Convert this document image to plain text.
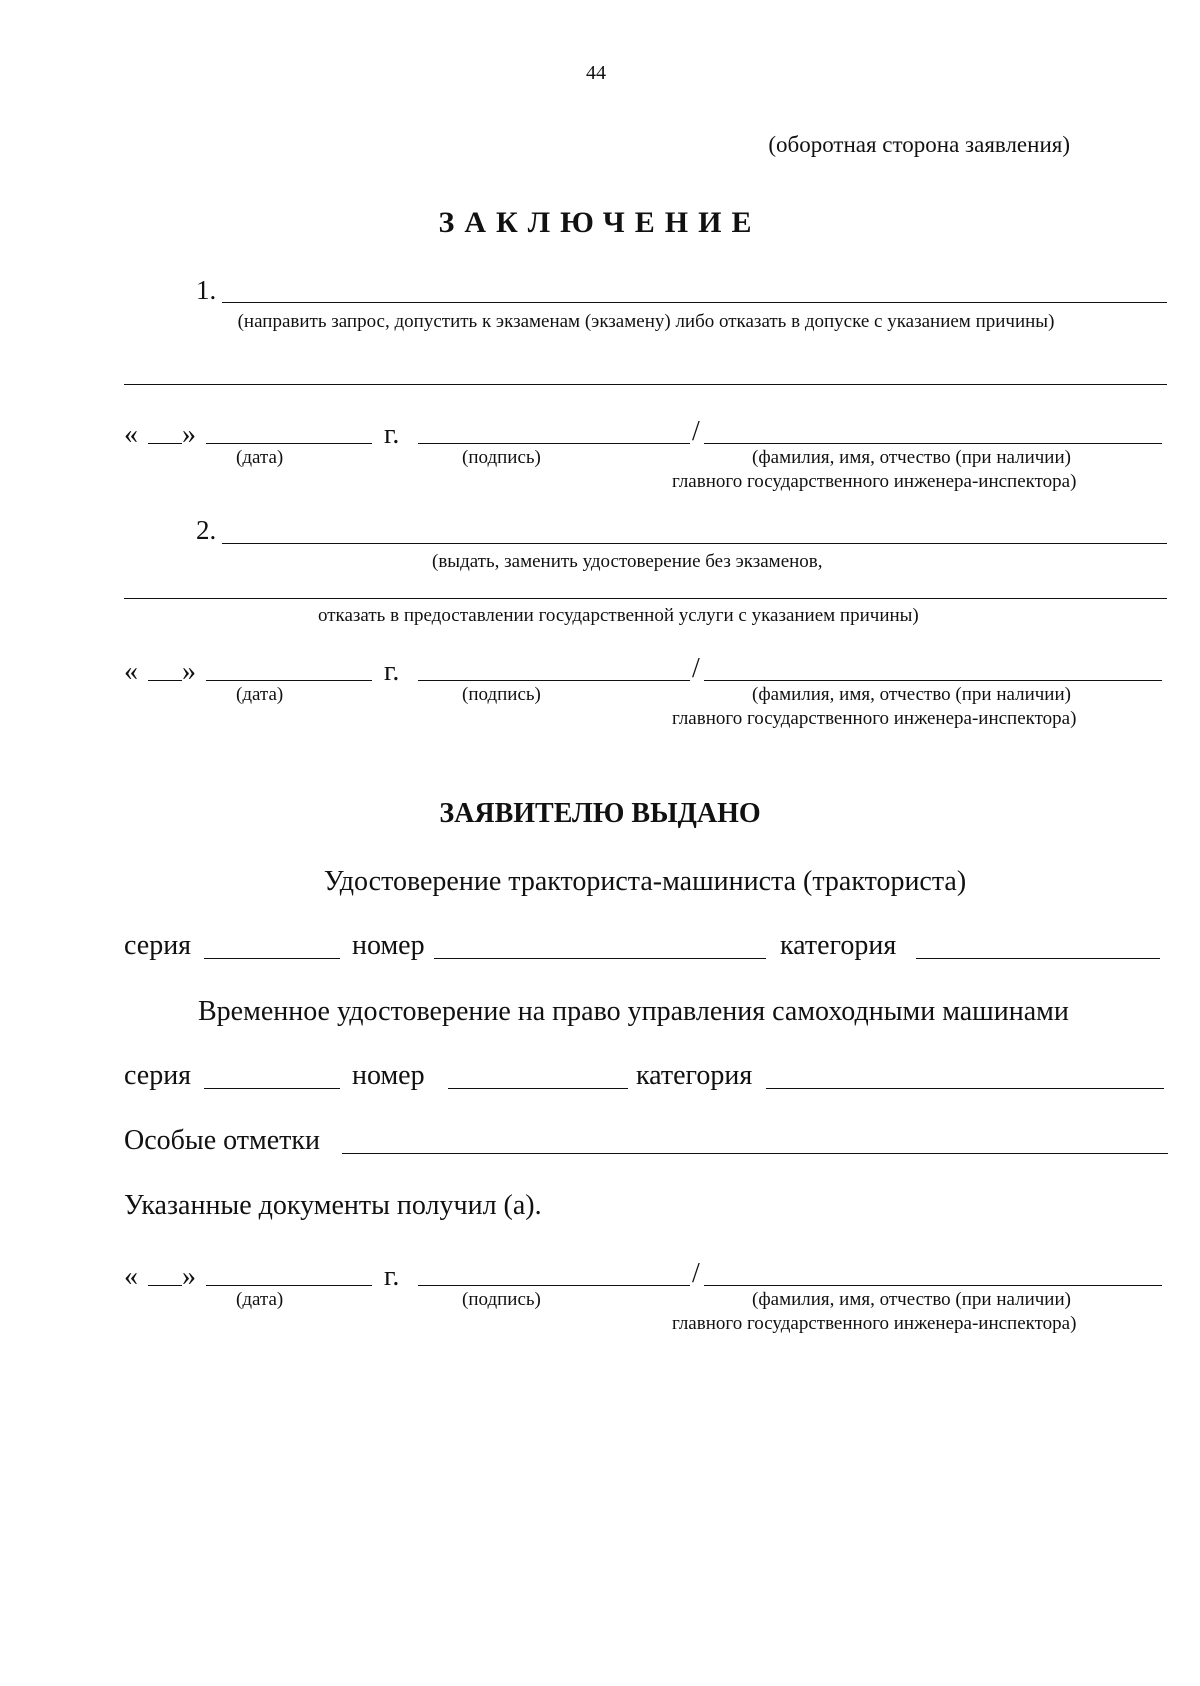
44
(оборотная сторона заявления)
ЗАКЛЮЧЕНИЕ
1.
(направить запрос, допустить к экзаменам (экзамену) либо отказать в допуске с указанием причины)
« »	г.	/
(дата)	(подпись)	(фамилия, имя, отчество (при наличии)
главного государственного инженера-инспектора)
2.
(выдать, заменить удостоверение без экзаменов,
отказать в предоставлении государственной услуги с указанием причины)
« »	г.	/
(дата)	(подпись)	(фамилия, имя, отчество (при наличии)
главного государственного инженера-инспектора)
ЗАЯВИТЕЛЮ ВЫДАНО
Удостоверение тракториста-машиниста (тракториста)
серия	номер	категория
Временное удостоверение на право управления самоходными машинами
серия	номер	категория
Особые отметки
Указанные документы получил (а).
« »	г.	/
(дата)	(подпись)	(фамилия, имя, отчество (при наличии)
главного государственного инженера-инспектора)
